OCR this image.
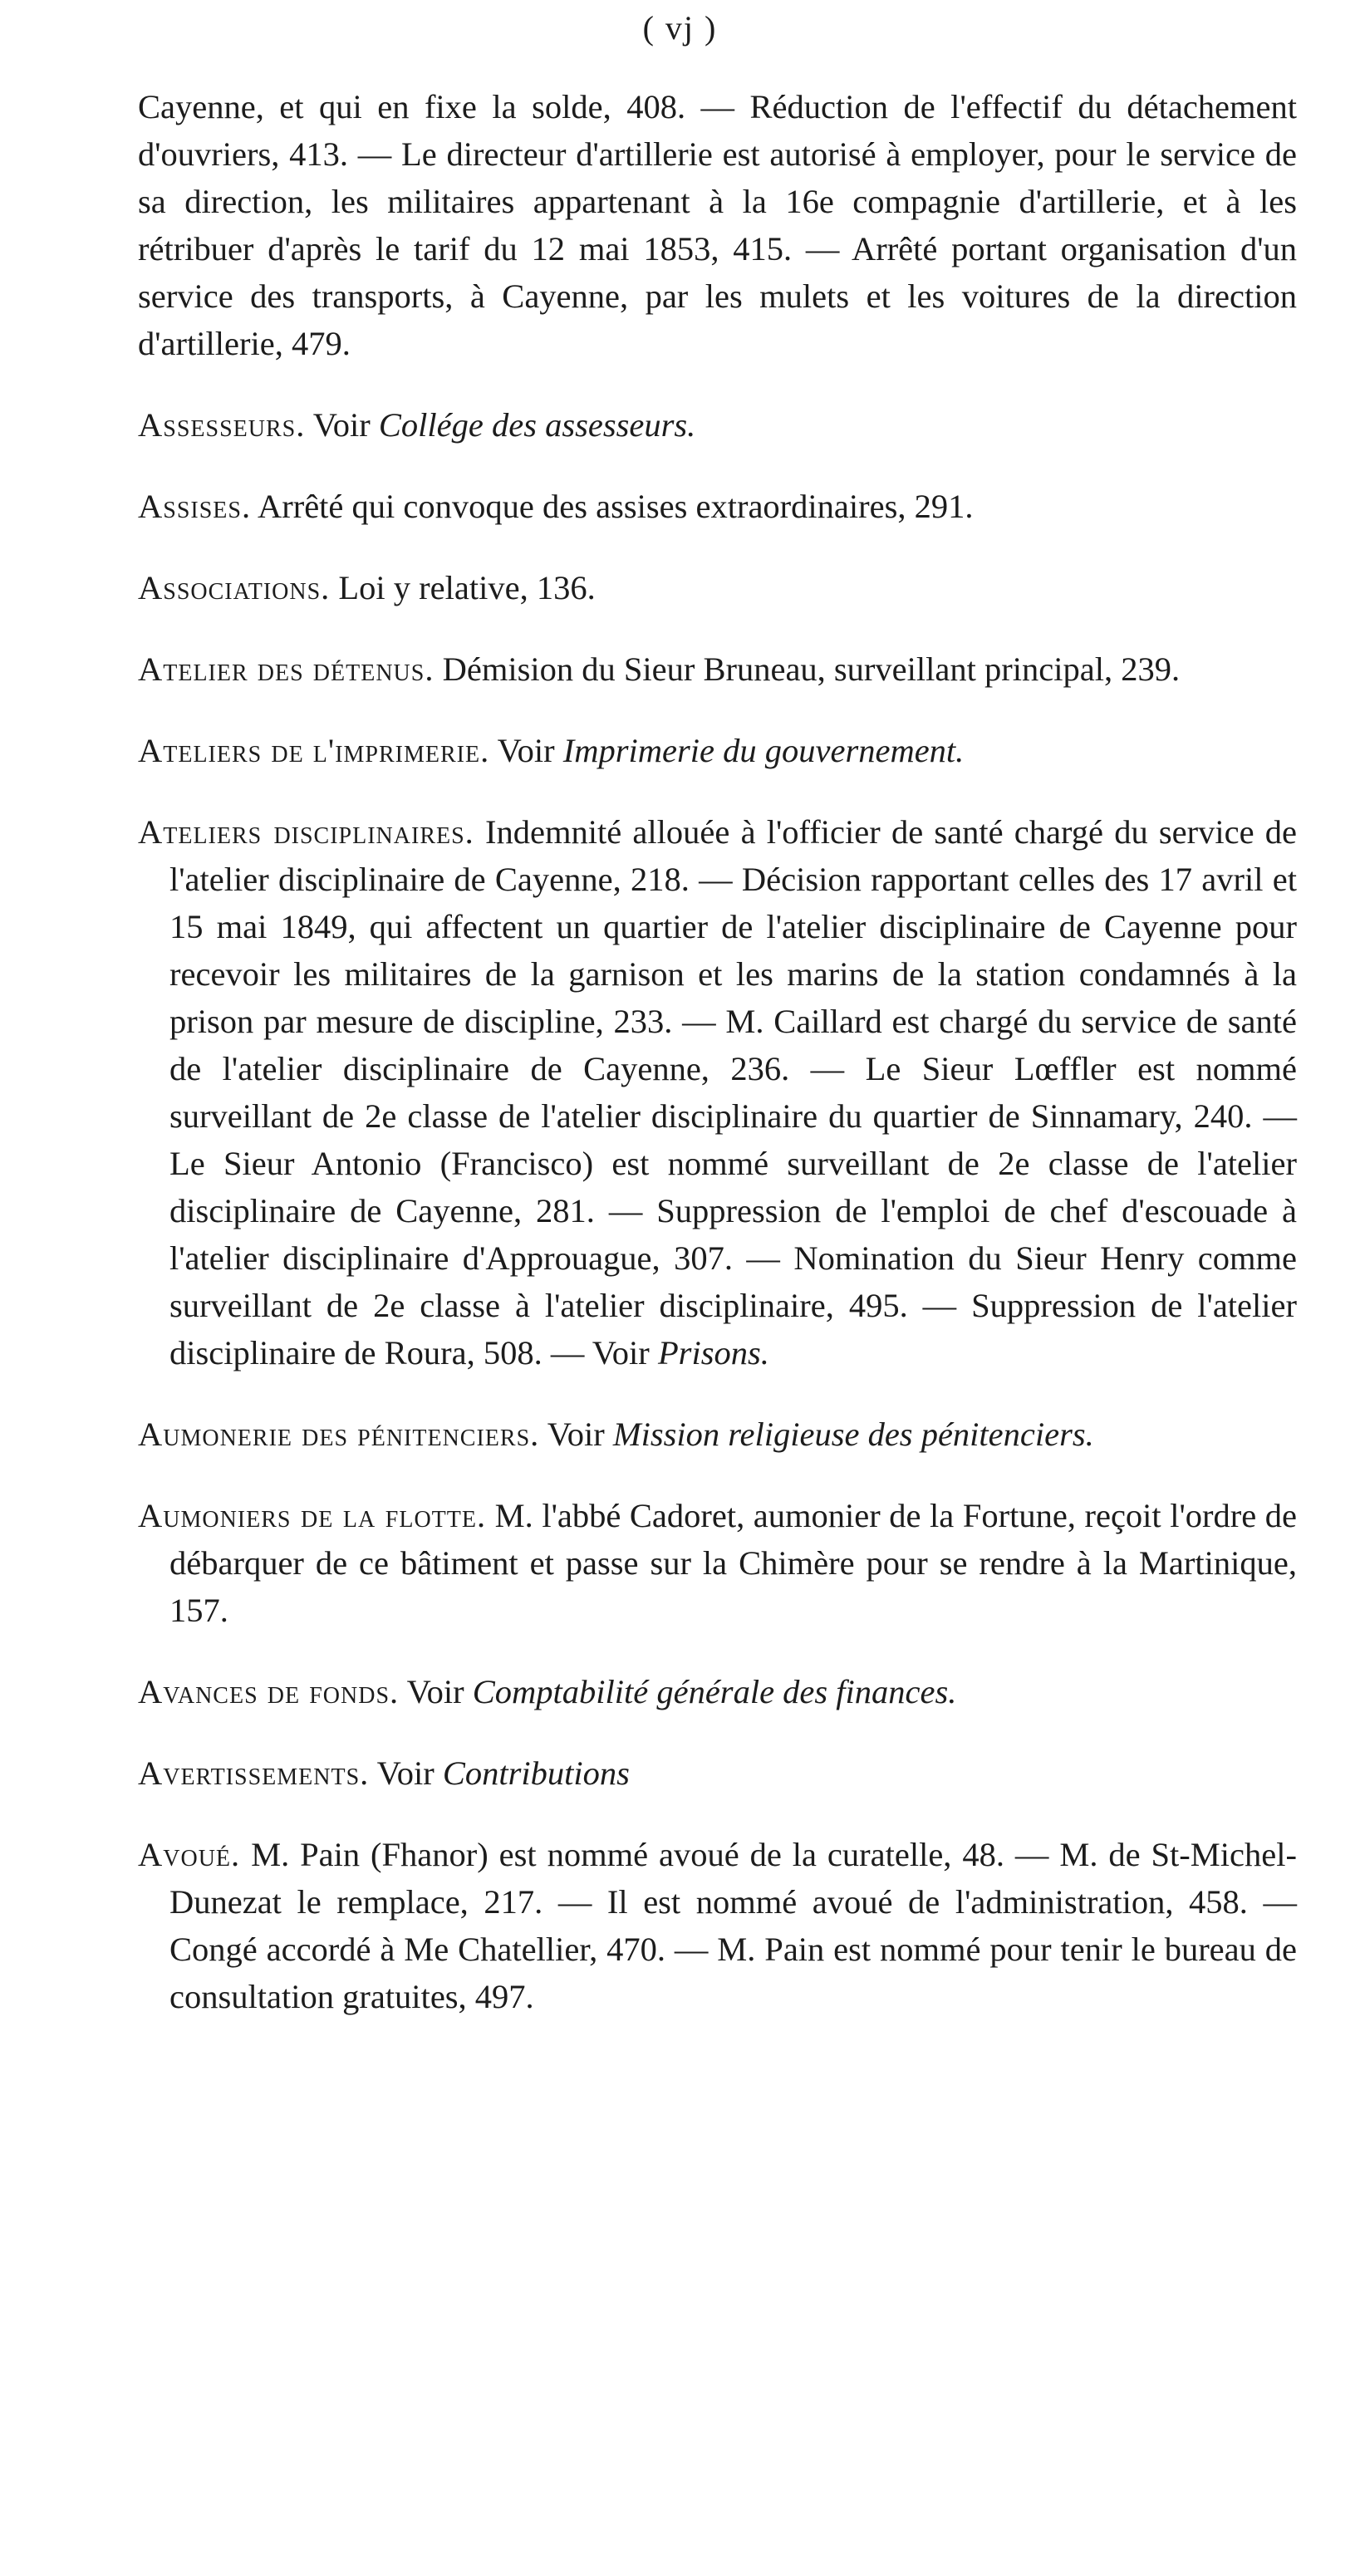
( vj )

Cayenne, et qui en fixe la solde, 408. — Réduction de l'effectif du détachement d'ouvriers, 413. — Le directeur d'artillerie est autorisé à employer, pour le service de sa direction, les militaires appartenant à la 16e compagnie d'artillerie, et à les rétribuer d'après le tarif du 12 mai 1853, 415. — Arrêté portant organisation d'un service des transports, à Cayenne, par les mulets et les voitures de la direction d'artillerie, 479.

Assesseurs. Voir Collége des assesseurs.

Assises. Arrêté qui convoque des assises extraordinaires, 291.

Associations. Loi y relative, 136.

Atelier des détenus. Démision du Sieur Bruneau, surveillant principal, 239.

Ateliers de l'imprimerie. Voir Imprimerie du gouvernement.

Ateliers disciplinaires. Indemnité allouée à l'officier de santé chargé du service de l'atelier disciplinaire de Cayenne, 218. — Décision rapportant celles des 17 avril et 15 mai 1849, qui affectent un quartier de l'atelier disciplinaire de Cayenne pour recevoir les militaires de la garnison et les marins de la station condamnés à la prison par mesure de discipline, 233. — M. Caillard est chargé du service de santé de l'atelier disciplinaire de Cayenne, 236. — Le Sieur Lœffler est nommé surveillant de 2e classe de l'atelier disciplinaire du quartier de Sinnamary, 240. — Le Sieur Antonio (Francisco) est nommé surveillant de 2e classe de l'atelier disciplinaire de Cayenne, 281. — Suppression de l'emploi de chef d'escouade à l'atelier disciplinaire d'Approuague, 307. — Nomination du Sieur Henry comme surveillant de 2e classe à l'atelier disciplinaire, 495. — Suppression de l'atelier disciplinaire de Roura, 508. — Voir Prisons.

Aumonerie des pénitenciers. Voir Mission religieuse des pénitenciers.

Aumoniers de la flotte. M. l'abbé Cadoret, aumonier de la Fortune, reçoit l'ordre de débarquer de ce bâtiment et passe sur la Chimère pour se rendre à la Martinique, 157.

Avances de fonds. Voir Comptabilité générale des finances.

Avertissements. Voir Contributions

Avoué. M. Pain (Fhanor) est nommé avoué de la curatelle, 48. — M. de St-Michel-Dunezat le remplace, 217. — Il est nommé avoué de l'administration, 458. — Congé accordé à Me Chatellier, 470. — M. Pain est nommé pour tenir le bureau de consultation gratuites, 497.
